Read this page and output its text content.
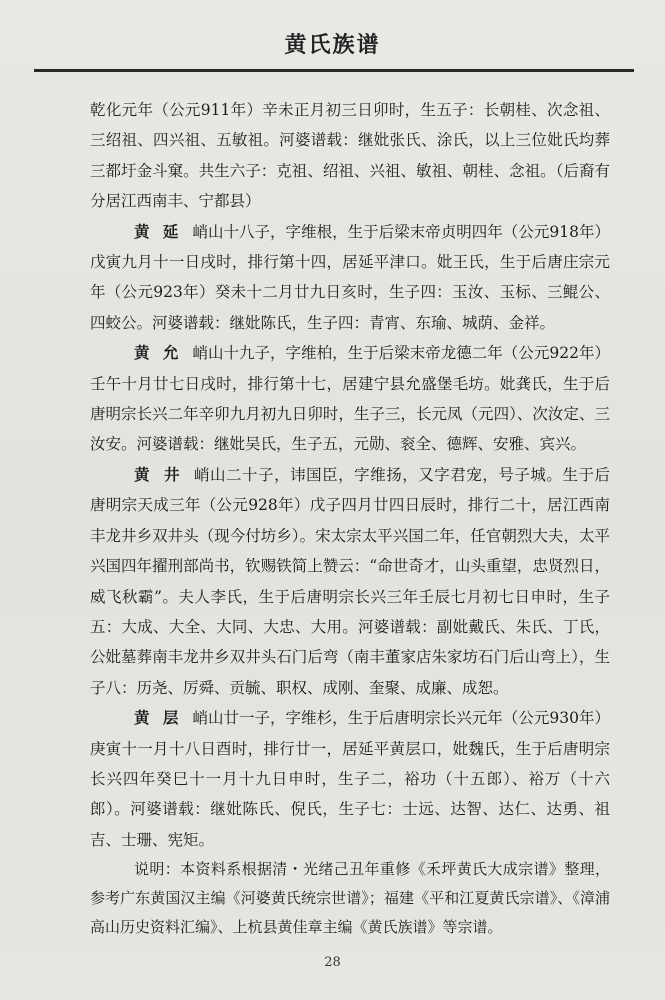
黄氏族谱

乾化元年（公元911年）辛未正月初三日卯时，生五子：长朝桂、次念祖、三绍祖、四兴祖、五敏祖。河婆谱载：继妣张氏、涂氏，以上三位妣氏均葬三都圩金斗窠。共生六子：克祖、绍祖、兴祖、敏祖、朝桂、念祖。（后裔有分居江西南丰、宁都县）

黄 延 峭山十八子，字维根，生于后梁末帝贞明四年（公元918年）戊寅九月十一日戌时，排行第十四，居延平津口。妣王氏，生于后唐庄宗元年（公元923年）癸未十二月廿九日亥时，生子四：玉汝、玉标、三鲲公、四蛟公。河婆谱载：继妣陈氏，生子四：青宵、东瑜、城荫、金祥。

黄 允 峭山十九子，字维柏，生于后梁末帝龙德二年（公元922年）壬午十月廿七日戌时，排行第十七，居建宁县允盛堡毛坊。妣龚氏，生于后唐明宗长兴二年辛卯九月初九日卯时，生子三，长元凤（元四）、次汝定、三汝安。河婆谱载：继妣吴氏，生子五，元勋、衮全、德辉、安雅、宾兴。

黄 井 峭山二十子，讳国臣，字维扬，又字君宠，号子城。生于后唐明宗天成三年（公元928年）戊子四月廿四日辰时，排行二十，居江西南丰龙井乡双井头（现今付坊乡）。宋太宗太平兴国二年，任官朝烈大夫，太平兴国四年擢刑部尚书，钦赐铁简上赞云：“命世奇才，山头重望，忠贤烈日，威飞秋霸”。夫人李氏，生于后唐明宗长兴三年壬辰七月初七日申时，生子五：大成、大全、大同、大忠、大用。河婆谱载：副妣戴氏、朱氏、丁氏，公妣墓葬南丰龙井乡双井头石门后弯（南丰董家店朱家坊石门后山弯上），生子八：历尧、厉舜、贡毓、职权、成刚、奎聚、成廉、成恕。

黄 层 峭山廿一子，字维杉，生于后唐明宗长兴元年（公元930年）庚寅十一月十八日酉时，排行廿一，居延平黄层口，妣魏氏，生于后唐明宗长兴四年癸巳十一月十九日申时，生子二，裕功（十五郎）、裕万（十六郎）。河婆谱载：继妣陈氏、倪氏，生子七：士远、达智、达仁、达勇、祖吉、士珊、宪矩。

说明：本资料系根据清・光绪己丑年重修《禾坪黄氏大成宗谱》整理，参考广东黄国汉主编《河婆黄氏统宗世谱》；福建《平和江夏黄氏宗谱》、《漳浦高山历史资料汇编》、上杭县黄佳章主编《黄氏族谱》等宗谱。

28
